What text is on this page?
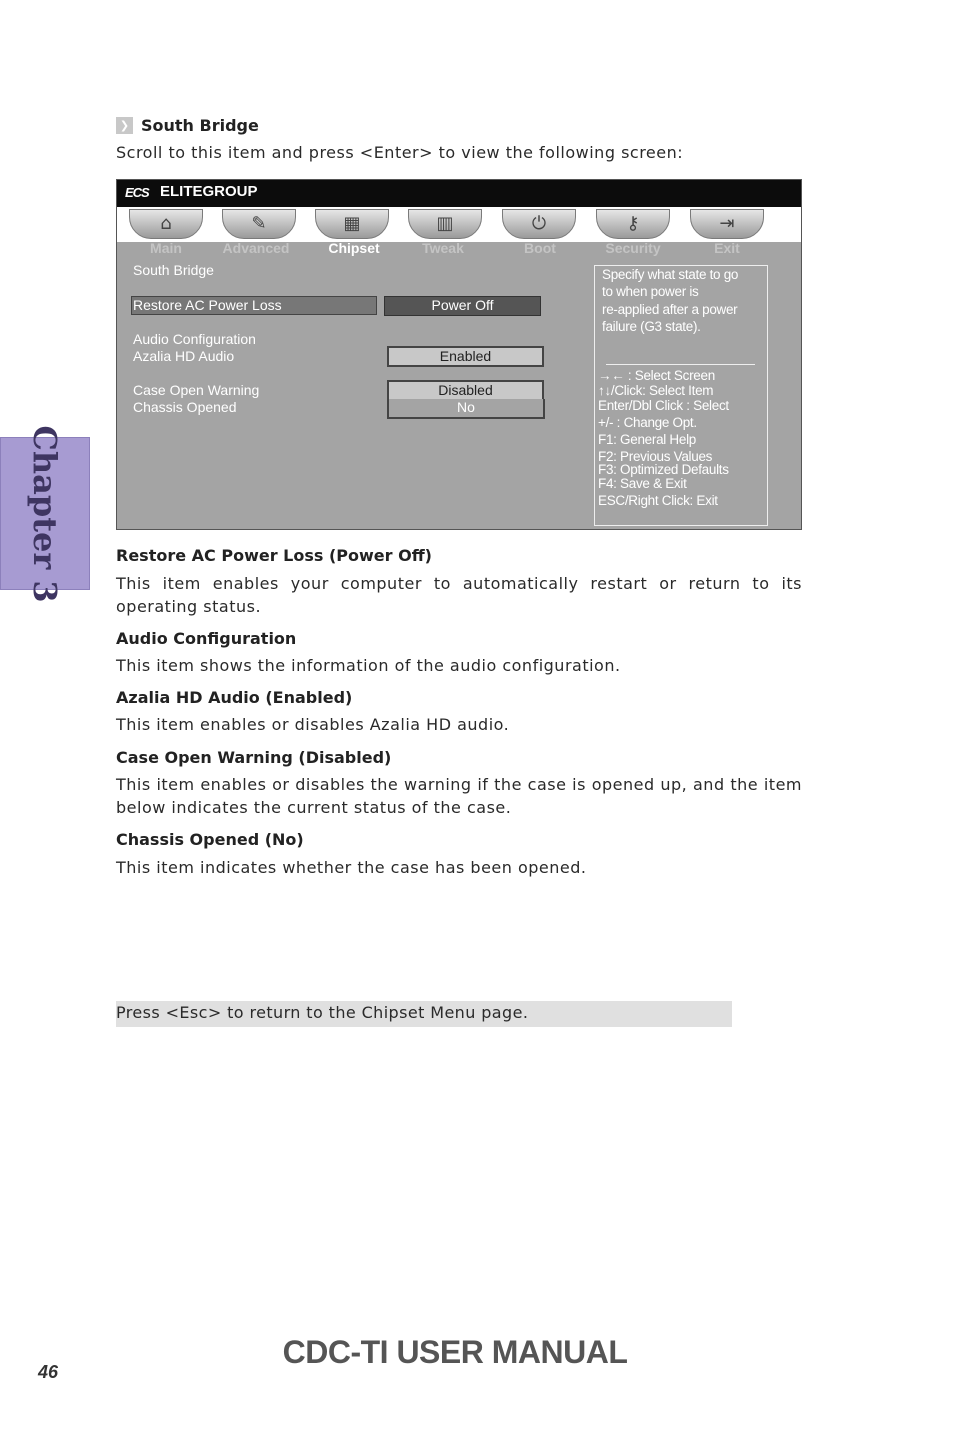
Chapter 3
❯ South Bridge
Scroll to this item and press <Enter> to view the following screen:
ECS ELITEGROUP
⌂	✎	▦	▥	⏻	⚷	⇥
Main	Advanced	Chipset	Tweak	Boot	Security	Exit
South Bridge
Restore AC Power Loss	Power Off
Audio Configuration
Azalia HD Audio	Enabled
Case Open Warning	Disabled
Chassis Opened	No
Specify what state to go
to when power is
re-applied after a power
failure (G3 state).
→← : Select Screen
↑↓/Click: Select Item
Enter/Dbl Click : Select
+/- : Change Opt.
F1: General Help
F2: Previous Values
F3: Optimized Defaults
F4: Save & Exit
ESC/Right Click: Exit
Restore AC Power Loss (Power Off)
This item enables your computer to automatically restart or return to its operating status.
Audio Configuration
This item shows the information of the audio configuration.
Azalia HD Audio (Enabled)
This item enables or disables Azalia HD audio.
Case Open Warning (Disabled)
This item enables or disables the warning if the case is opened up, and the item below indicates the current status of the case.
Chassis Opened (No)
This item indicates whether the case has been opened.
Press <Esc> to return to the Chipset Menu page.
CDC-TI USER MANUAL
46
